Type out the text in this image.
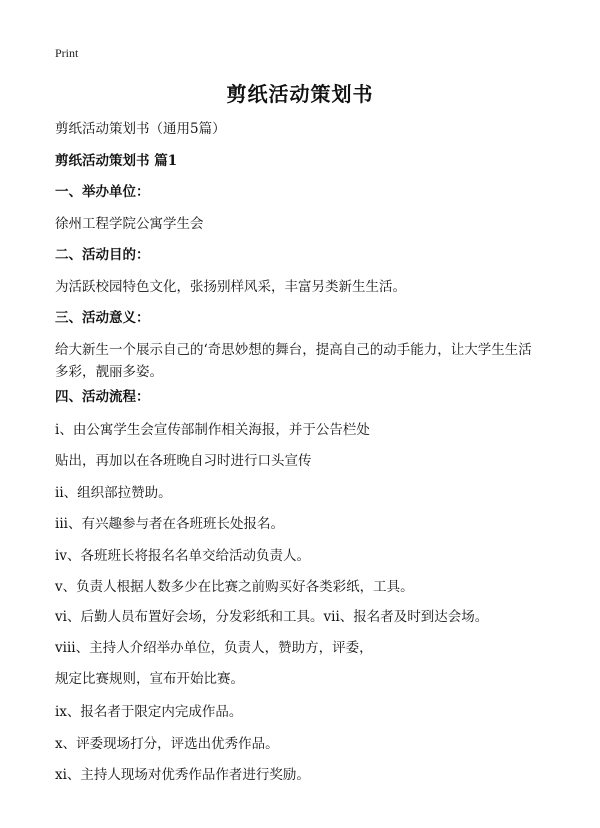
Print
剪纸活动策划书
剪纸活动策划书（通用5篇）
剪纸活动策划书 篇1
一、举办单位：
徐州工程学院公寓学生会
二、活动目的：
为活跃校园特色文化，张扬别样风采，丰富另类新生生活。
三、活动意义：
给大新生一个展示自己的‘奇思妙想的舞台，提高自己的动手能力，让大学生生活多彩，靓丽多姿。
四、活动流程：
ⅰ、由公寓学生会宣传部制作相关海报，并于公告栏处
贴出，再加以在各班晚自习时进行口头宣传
ⅱ、组织部拉赞助。
ⅲ、有兴趣参与者在各班班长处报名。
ⅳ、各班班长将报名名单交给活动负责人。
ⅴ、负责人根据人数多少在比赛之前购买好各类彩纸，工具。
ⅵ、后勤人员布置好会场，分发彩纸和工具。ⅶ、报名者及时到达会场。
ⅷ、主持人介绍举办单位，负责人，赞助方，评委，
规定比赛规则，宣布开始比赛。
ⅸ、报名者于限定内完成作品。
ⅹ、评委现场打分，评选出优秀作品。
ⅺ、主持人现场对优秀作品作者进行奖励。
